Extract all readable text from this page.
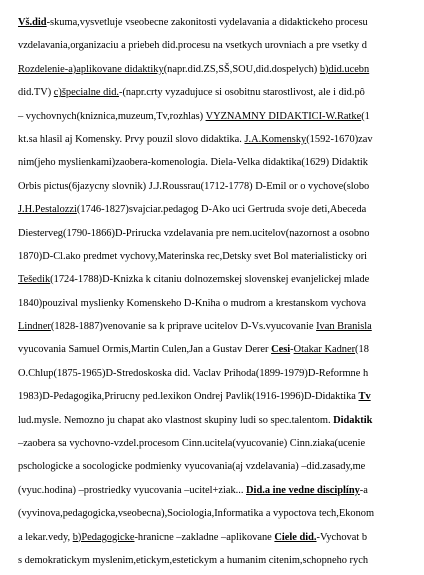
Vš.did-skuma,vysvetluje vseobecne zakonitosti vydelavania a didaktickeho procesu
vzdelavania,organizaciu a priebeh did.procesu na vsetkych urovniach a pre vsetky d
Rozdelenie-a)aplikovane didaktiky(napr.did.ZS,SŠ,SOU,did.dospelych) b)did.ucebn
did.TV) c)špecialne did.-(napr.crty vyzadujuce si osobitnu starostlivost, ale i did.pô
– vychovnych(kniznica,muzeum,Tv,rozhlas) VYZNAMNY DIDAKTICI-W.Ratke(1
kt.sa hlasil aj Komensky. Prvy pouzil slovo didaktika. J.A.Komensky(1592-1670)zav
nim(jeho myslienkami)zaobera-komenologia. Diela-Velka didaktika(1629) Didaktik
Orbis pictus(6jazycny slovnik) J.J.Roussrau(1712-1778) D-Emil or o vychove(slobo
J.H.Pestalozzi(1746-1827)svajciar.pedagog D-Ako uci Gertruda svoje deti,Abeceda
Diesterveg(1790-1866)D-Prirucka vzdelavania pre nem.ucitelov(nazornost a osobno
1870)D-Cl.ako predmet vychovy,Materinska rec,Detsky svet Bol materialisticky ori
Tešedik(1724-1788)D-Knizka k citaniu dolnozemskej slovenskej evanjelickej mlade
1840)pouzival myslienky Komenskeho D-Kniha o mudrom a krestanskom vychova
Lindner(1828-1887)venovanie sa k priprave ucitelov D-Vs.vyucovanie Ivan Branisla
vyucovania Samuel Ormis,Martin Culen,Jan a Gustav Derer Cesi-Otakar Kadner(18
O.Chlup(1875-1965)D-Stredoskoska did. Vaclav Prihoda(1899-1979)D-Reformne h
1983)D-Pedagogika,Prirucny ped.lexikon Ondrej Pavlik(1916-1996)D-Didaktika Tv
lud.mysle. Nemozno ju chapat ako vlastnost skupiny ludi so spec.talentom. Didaktik
–zaobera sa vychovno-vzdel.procesom Cinn.ucitela(vyucovanie) Cinn.ziaka(ucenie
pschologicke a socologicke podmienky vyucovania(aj vzdelavania) –did.zasady,me
(vyuc.hodina) –prostriedky vyucovania –ucitel+ziak... Did.a ine vedne disciplíny-a
(vyvinova,pedagogicka,vseobecna),Sociologia,Informatika a vypoctova tech,Ekonom
a lekar.vedy, b)Pedagogicke-hranicne –zakladne –aplikovane Ciele did.-Vychovat b
s demokratickym myslenim,etickym,estetickym a humanim citenim,schopneho rych
